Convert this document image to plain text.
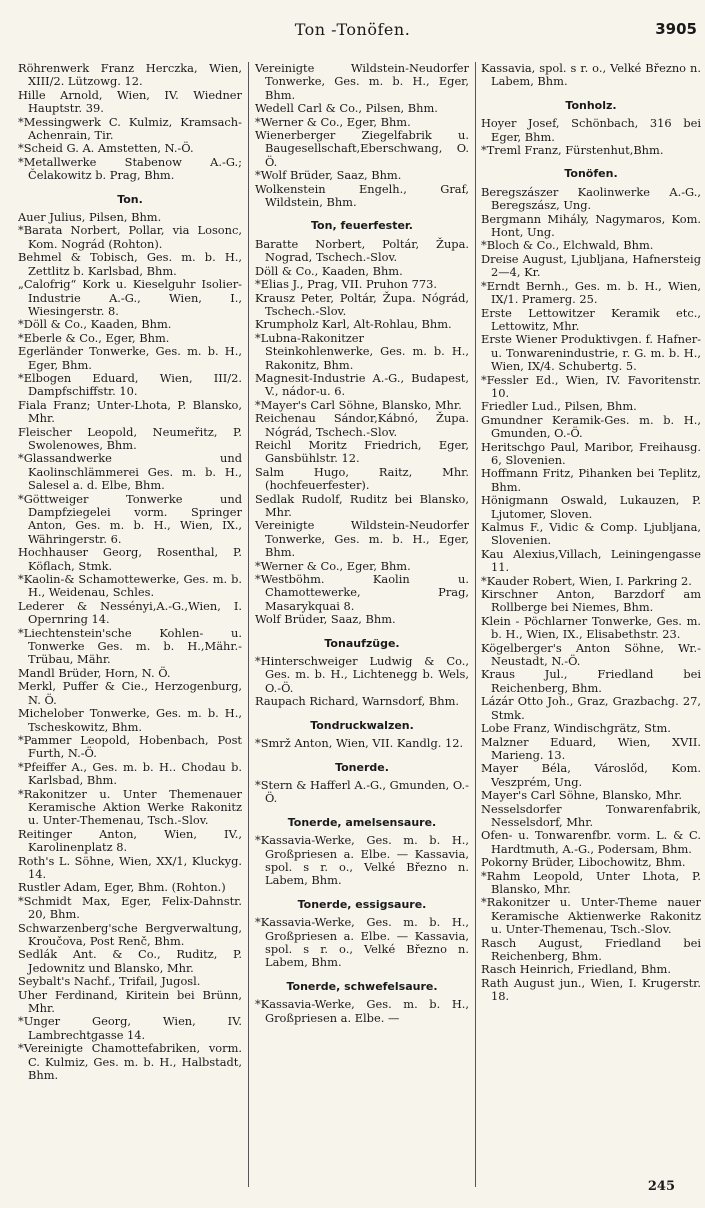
Ton -Tonöfen.	3905
Röhrenwerk Franz Herczka, Wien, XIII/2. Lützowg. 12.
Hille Arnold, Wien, IV. Wiedner Hauptstr. 39.
*Messingwerk C. Kulmiz, Kramsach-Achenrain, Tir.
*Scheid G. A. Amstetten, N.-Ö.
*Metallwerke Stabenow A.-G.; Čelakowitz b. Prag, Bhm.
Ton.
Auer Julius, Pilsen, Bhm.
*Barata Norbert, Pollar, via Losonc, Kom. Nográd (Rohton).
Behmel & Tobisch, Ges. m. b. H., Zettlitz b. Karlsbad, Bhm.
„Calofrig“ Kork u. Kieselguhr Isolier-Industrie A.-G., Wien, I., Wiesingerstr. 8.
*Döll & Co., Kaaden, Bhm.
*Eberle & Co., Eger, Bhm.
Egerländer Tonwerke, Ges. m. b. H., Eger, Bhm.
*Elbogen Eduard, Wien, III/2. Dampfschiffstr. 10.
Fiala Franz; Unter-Lhota, P. Blansko, Mhr.
Fleischer Leopold, Neumeřitz, P. Swolenowes, Bhm.
*Glassandwerke und Kaolinschlämmerei Ges. m. b. H., Salesel a. d. Elbe, Bhm.
*Göttweiger Tonwerke und Dampfziegelei vorm. Springer Anton, Ges. m. b. H., Wien, IX., Währingerstr. 6.
Hochhauser Georg, Rosenthal, P. Köflach, Stmk.
*Kaolin-& Schamottewerke, Ges. m. b. H., Weidenau, Schles.
Lederer & Nessényi,A.-G.,Wien, I. Opernring 14.
*Liechtenstein'sche Kohlen- u. Tonwerke Ges. m. b. H.,Mähr.-Trübau, Mähr.
Mandl Brüder, Horn, N. Ö.
Merkl, Puffer & Cie., Herzogenburg, N. Ö.
Michelober Tonwerke, Ges. m. b. H., Tscheskowitz, Bhm.
*Pammer Leopold, Hobenbach, Post Furth, N.-Ö.
*Pfeiffer A., Ges. m. b. H.. Chodau b. Karlsbad, Bhm.
*Rakonitzer u. Unter Themenauer Keramische Aktion Werke Rakonitz u. Unter-Themenau, Tsch.-Slov.
Reitinger Anton, Wien, IV., Karolinenplatz 8.
Roth's L. Söhne, Wien, XX/1, Kluckyg. 14.
Rustler Adam, Eger, Bhm. (Rohton.)
*Schmidt Max, Eger, Felix-Dahnstr. 20, Bhm.
Schwarzenberg'sche Bergverwaltung, Kroučova, Post Renč, Bhm.
Sedlák Ant. & Co., Ruditz, P. Jedownitz und Blansko, Mhr.
Seybalt's Nachf., Trifail, Jugosl.
Uher Ferdinand, Kiritein bei Brünn, Mhr.
*Unger Georg, Wien, IV. Lambrechtgasse 14.
*Vereinigte Chamottefabriken, vorm. C. Kulmiz, Ges. m. b. H., Halbstadt, Bhm.
Vereinigte Wildstein-Neudorfer Tonwerke, Ges. m. b. H., Eger, Bhm.
Wedell Carl & Co., Pilsen, Bhm.
*Werner & Co., Eger, Bhm.
Wienerberger Ziegelfabrik u. Baugesellschaft,Eberschwang, O. Ö.
*Wolf Brüder, Saaz, Bhm.
Wolkenstein Engelh., Graf, Wildstein, Bhm.
Ton, feuerfester.
Baratte Norbert, Poltár, Župa. Nograd, Tschech.-Slov.
Döll & Co., Kaaden, Bhm.
*Elias J., Prag, VII. Pruhon 773.
Krausz Peter, Poltár, Župa. Nógrád, Tschech.-Slov.
Krumpholz Karl, Alt-Rohlau, Bhm.
*Lubna-Rakonitzer Steinkohlenwerke, Ges. m. b. H., Rakonitz, Bhm.
Magnesit-Industrie A.-G., Budapest, V., nádor-u. 6.
*Mayer's Carl Söhne, Blansko, Mhr.
Reichenau Sándor,Kábnó, Župa. Nógrád, Tschech.-Slov.
Reichl Moritz Friedrich, Eger, Gansbühlstr. 12.
Salm Hugo, Raitz, Mhr. (hochfeuerfester).
Sedlak Rudolf, Ruditz bei Blansko, Mhr.
Vereinigte Wildstein-Neudorfer Tonwerke, Ges. m. b. H., Eger, Bhm.
*Werner & Co., Eger, Bhm.
*Westböhm. Kaolin u. Chamottewerke, Prag, Masarykquai 8.
Wolf Brüder, Saaz, Bhm.
Tonaufzüge.
*Hinterschweiger Ludwig & Co., Ges. m. b. H., Lichtenegg b. Wels, O.-Ö.
Raupach Richard, Warnsdorf, Bhm.
Tondruckwalzen.
*Smrž Anton, Wien, VII. Kandlg. 12.
Tonerde.
*Stern & Hafferl A.-G., Gmunden, O.-Ö.
Tonerde, amelsensaure.
*Kassavia-Werke, Ges. m. b. H., Großpriesen a. Elbe. — Kassavia, spol. s r. o., Velké Březno n. Labem, Bhm.
Tonerde, essigsaure.
*Kassavia-Werke, Ges. m. b. H., Großpriesen a. Elbe. — Kassavia, spol. s r. o., Velké Březno n. Labem, Bhm.
Tonerde, schwefelsaure.
*Kassavia-Werke, Ges. m. b. H., Großpriesen a. Elbe. —
Kassavia, spol. s r. o., Velké Březno n. Labem, Bhm.
Tonholz.
Hoyer Josef, Schönbach, 316 bei Eger, Bhm.
*Treml Franz, Fürstenhut,Bhm.
Tonöfen.
Beregszászer Kaolinwerke A.-G., Beregszász, Ung.
Bergmann Mihály, Nagymaros, Kom. Hont, Ung.
*Bloch & Co., Elchwald, Bhm.
Dreise August, Ljubljana, Hafnersteig 2—4, Kr.
*Erndt Bernh., Ges. m. b. H., Wien, IX/1. Pramerg. 25.
Erste Lettowitzer Keramik etc., Lettowitz, Mhr.
Erste Wiener Produktivgen. f. Hafner-u. Tonwarenindustrie, r. G. m. b. H., Wien, IX/4. Schubertg. 5.
*Fessler Ed., Wien, IV. Favoritenstr. 10.
Friedler Lud., Pilsen, Bhm.
Gmundner Keramik-Ges. m. b. H., Gmunden, O.-Ö.
Heritschgo Paul, Maribor, Freihausg. 6, Slovenien.
Hoffmann Fritz, Pihanken bei Teplitz, Bhm.
Hönigmann Oswald, Lukauzen, P. Ljutomer, Sloven.
Kalmus F., Vidic & Comp. Ljubljana, Slovenien.
Kau Alexius,Villach, Leiningengasse 11.
*Kauder Robert, Wien, I. Parkring 2.
Kirschner Anton, Barzdorf am Rollberge bei Niemes, Bhm.
Klein - Pöchlarner Tonwerke, Ges. m. b. H., Wien, IX., Elisabethstr. 23.
Kögelberger's Anton Söhne, Wr.-Neustadt, N.-Ö.
Kraus Jul., Friedland bei Reichenberg, Bhm.
Lázár Otto Joh., Graz, Grazbachg. 27, Stmk.
Lobe Franz, Windischgrätz, Stm.
Malzner Eduard, Wien, XVII. Marieng. 13.
Mayer Béla, Városlőd, Kom. Veszprém, Ung.
Mayer's Carl Söhne, Blansko, Mhr.
Nesselsdorfer Tonwarenfabrik, Nesselsdorf, Mhr.
Ofen- u. Tonwarenfbr. vorm. L. & C. Hardtmuth, A.-G., Podersam, Bhm.
Pokorny Brüder, Libochowitz, Bhm.
*Rahm Leopold, Unter Lhota, P. Blansko, Mhr.
*Rakonitzer u. Unter-Theme nauer Keramische Aktienwerke Rakonitz u. Unter-Themenau, Tsch.-Slov.
Rasch August, Friedland bei Reichenberg, Bhm.
Rasch Heinrich, Friedland, Bhm.
Rath August jun., Wien, I. Krugerstr. 18.
245
